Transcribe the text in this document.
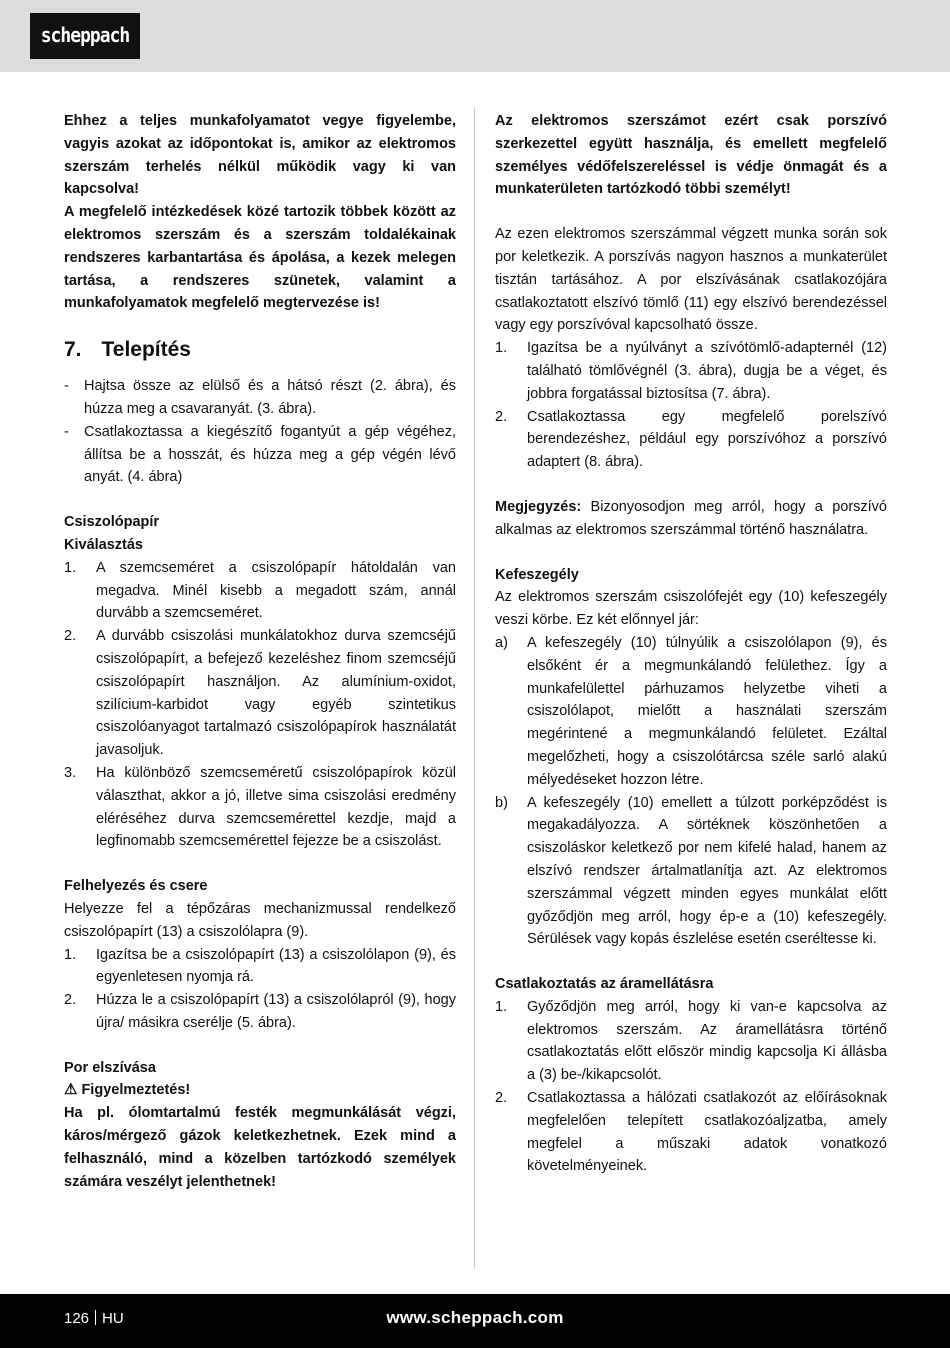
scheppach

Ehhez a teljes munkafolyamatot vegye figyelembe, vagyis azokat az időpontokat is, amikor az elektromos szerszám terhelés nélkül működik vagy ki van kapcsolva!

A megfelelő intézkedések közé tartozik többek között az elektromos szerszám és a szerszám toldalékainak rendszeres karbantartása és ápolása, a kezek melegen tartása, a rendszeres szünetek, valamint a munkafolyamatok megfelelő megtervezése is!

7. Telepítés
-	Hajtsa össze az elülső és a hátsó részt (2. ábra), és húzza meg a csavaranyát. (3. ábra).
-	Csatlakoztassa a kiegészítő fogantyút a gép végéhez, állítsa be a hosszát, és húzza meg a gép végén lévő anyát. (4. ábra)

Csiszolópapír

Kiválasztás

1.	A szemcseméret a csiszolópapír hátoldalán van megadva. Minél kisebb a megadott szám, annál durvább a szemcseméret.
2.	A durvább csiszolási munkálatokhoz durva szemcséjű csiszolópapírt, a befejező kezeléshez finom szemcséjű csiszolópapírt használjon. Az alumínium-oxidot, szilícium-karbidot vagy egyéb szintetikus csiszolóanyagot tartalmazó csiszolópapírok használatát javasoljuk.
3.	Ha különböző szemcseméretű csiszolópapírok közül választhat, akkor a jó, illetve sima csiszolási eredmény eléréséhez durva szemcsemérettel kezdje, majd a legfinomabb szemcsemérettel fejezze be a csiszolást.

Felhelyezés és csere

Helyezze fel a tépőzáras mechanizmussal rendelkező csiszolópapírt (13) a csiszolólapra (9).

1.	Igazítsa be a csiszolópapírt (13) a csiszolólapon (9), és egyenletesen nyomja rá.
2.	Húzza le a csiszolópapírt (13) a csiszolólapról (9), hogy újra/ másikra cserélje (5. ábra).

Por elszívása

⚠ Figyelmeztetés!

Ha pl. ólomtartalmú festék megmunkálását végzi, káros/mérgező gázok keletkezhetnek. Ezek mind a felhasználó, mind a közelben tartózkodó személyek számára veszélyt jelenthetnek!

Az elektromos szerszámot ezért csak porszívó szerkezettel együtt használja, és emellett megfelelő személyes védőfelszereléssel is védje önmagát és a munkaterületen tartózkodó többi személyt!

Az ezen elektromos szerszámmal végzett munka során sok por keletkezik. A porszívás nagyon hasznos a munkaterület tisztán tartásához. A por elszívásának csatlakozójára csatlakoztatott elszívó tömlő (11) egy elszívó berendezéssel vagy egy porszívóval kapcsolható össze.

1.	Igazítsa be a nyúlványt a szívótömlő-adapternél (12) található tömlővégnél (3. ábra), dugja be a véget, és jobbra forgatással biztosítsa (7. ábra).
2.	Csatlakoztassa egy megfelelő porelszívó berendezéshez, például egy porszívóhoz a porszívó adaptert (8. ábra).

Megjegyzés: Bizonyosodjon meg arról, hogy a porszívó alkalmas az elektromos szerszámmal történő használatra.

Kefeszegély

Az elektromos szerszám csiszolófejét egy (10) kefeszegély veszi körbe. Ez két előnnyel jár:

a)	A kefeszegély (10) túlnyúlik a csiszolólapon (9), és elsőként ér a megmunkálandó felülethez. Így a munkafelülettel párhuzamos helyzetbe viheti a csiszolólapot, mielőtt a használati szerszám megérintené a megmunkálandó felületet. Ezáltal megelőzheti, hogy a csiszolótárcsa széle sarló alakú mélyedéseket hozzon létre.
b)	A kefeszegély (10) emellett a túlzott porképződést is megakadályozza. A sörtéknek köszönhetően a csiszoláskor keletkező por nem kifelé halad, hanem az elszívó rendszer ártalmatlanítja azt. Az elektromos szerszámmal végzett minden egyes munkálat előtt győződjön meg arról, hogy ép-e a (10) kefeszegély. Sérülések vagy kopás észlelése esetén cseréltesse ki.

Csatlakoztatás az áramellátásra

1.	Győződjön meg arról, hogy ki van-e kapcsolva az elektromos szerszám. Az áramellátásra történő csatlakoztatás előtt először mindig kapcsolja Ki állásba a (3) be-/kikapcsolót.
2.	Csatlakoztassa a hálózati csatlakozót az előírásoknak megfelelően telepített csatlakozóaljzatba, amely megfelel a műszaki adatok vonatkozó követelményeinek.
126 HU	www.scheppach.com
